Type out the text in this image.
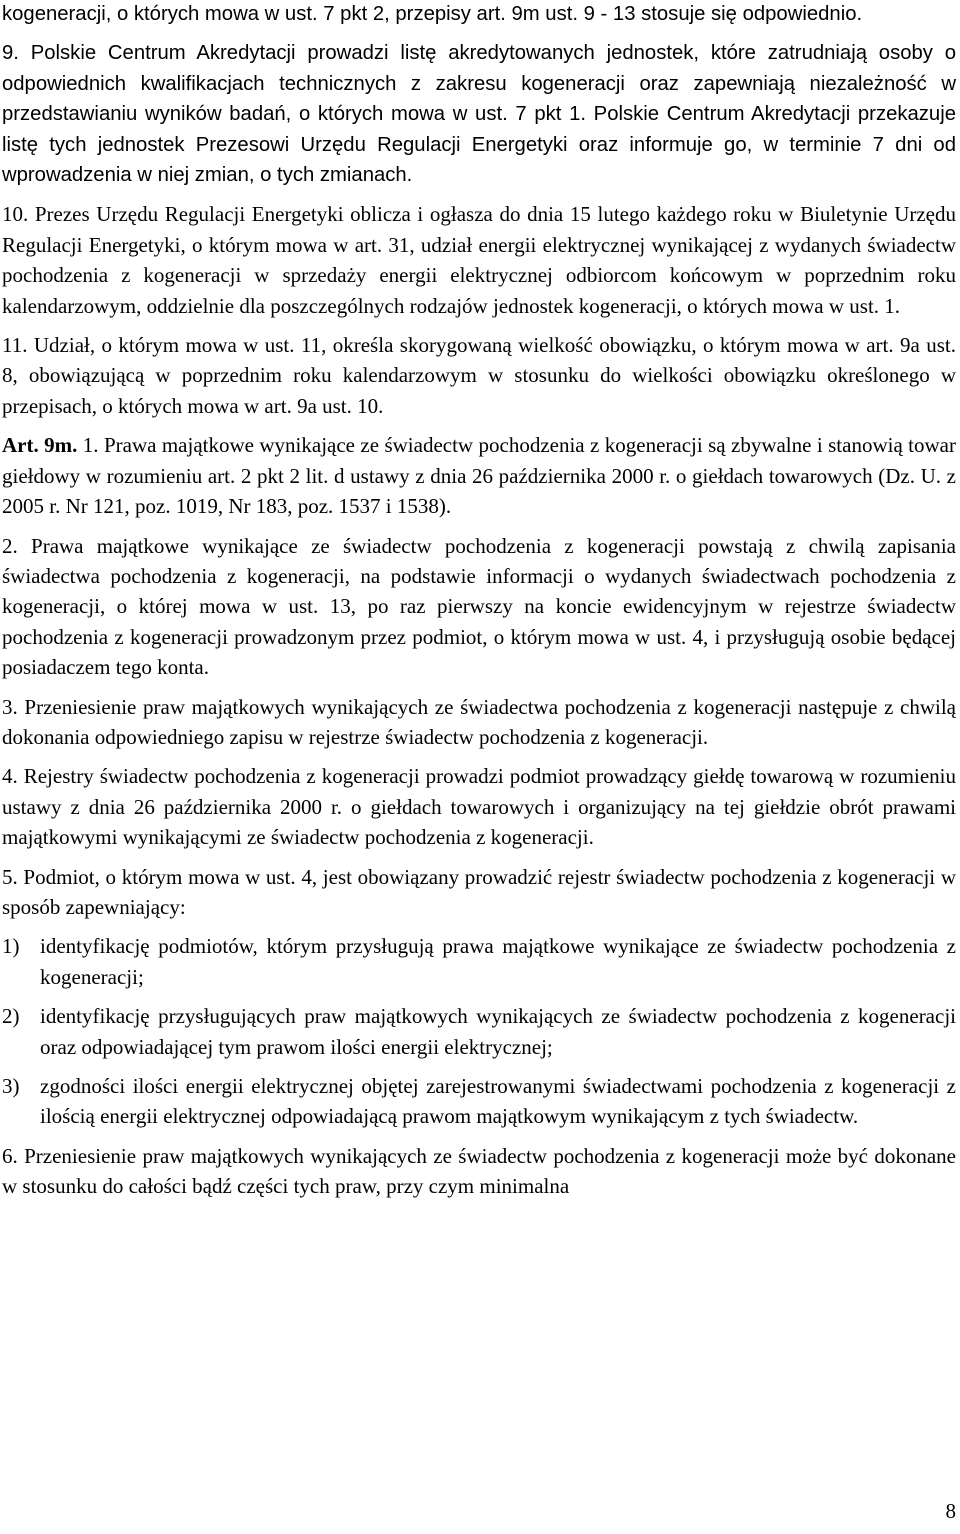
kogeneracji, o których mowa w ust. 7 pkt 2, przepisy art. 9m ust. 9 - 13 stosuje się odpowiednio.

9. Polskie Centrum Akredytacji prowadzi listę akredytowanych jednostek, które zatrudniają osoby o odpowiednich kwalifikacjach technicznych z zakresu kogeneracji oraz zapewniają niezależność w przedstawianiu wyników badań, o których mowa w ust. 7 pkt 1. Polskie Centrum Akredytacji przekazuje listę tych jednostek Prezesowi Urzędu Regulacji Energetyki oraz informuje go, w terminie 7 dni od wprowadzenia w niej zmian, o tych zmianach.

10. Prezes Urzędu Regulacji Energetyki oblicza i ogłasza do dnia 15 lutego każdego roku w Biuletynie Urzędu Regulacji Energetyki, o którym mowa w art. 31, udział energii elektrycznej wynikającej z wydanych świadectw pochodzenia z kogeneracji w sprzedaży energii elektrycznej odbiorcom końcowym w poprzednim roku kalendarzowym, oddzielnie dla poszczególnych rodzajów jednostek kogeneracji, o których mowa w ust. 1.

11. Udział, o którym mowa w ust. 11, określa skorygowaną wielkość obowiązku, o którym mowa w art. 9a ust. 8, obowiązującą w poprzednim roku kalendarzowym w stosunku do wielkości obowiązku określonego w przepisach, o których mowa w art. 9a ust. 10.

Art. 9m. 1. Prawa majątkowe wynikające ze świadectw pochodzenia z kogeneracji są zbywalne i stanowią towar giełdowy w rozumieniu art. 2 pkt 2 lit. d ustawy z dnia 26 października 2000 r. o giełdach towarowych (Dz. U. z 2005 r. Nr 121, poz. 1019, Nr 183, poz. 1537 i 1538).

2. Prawa majątkowe wynikające ze świadectw pochodzenia z kogeneracji powstają z chwilą zapisania świadectwa pochodzenia z kogeneracji, na podstawie informacji o wydanych świadectwach pochodzenia z kogeneracji, o której mowa w ust. 13, po raz pierwszy na koncie ewidencyjnym w rejestrze świadectw pochodzenia z kogeneracji prowadzonym przez podmiot, o którym mowa w ust. 4, i przysługują osobie będącej posiadaczem tego konta.

3. Przeniesienie praw majątkowych wynikających ze świadectwa pochodzenia z kogeneracji następuje z chwilą dokonania odpowiedniego zapisu w rejestrze świadectw pochodzenia z kogeneracji.

4. Rejestry świadectw pochodzenia z kogeneracji prowadzi podmiot prowadzący giełdę towarową w rozumieniu ustawy z dnia 26 października 2000 r. o giełdach towarowych i organizujący na tej giełdzie obrót prawami majątkowymi wynikającymi ze świadectw pochodzenia z kogeneracji.

5. Podmiot, o którym mowa w ust. 4, jest obowiązany prowadzić rejestr świadectw pochodzenia z kogeneracji w sposób zapewniający:

1) identyfikację podmiotów, którym przysługują prawa majątkowe wynikające ze świadectw pochodzenia z kogeneracji;
2) identyfikację przysługujących praw majątkowych wynikających ze świadectw pochodzenia z kogeneracji oraz odpowiadającej tym prawom ilości energii elektrycznej;
3) zgodności ilości energii elektrycznej objętej zarejestrowanymi świadectwami pochodzenia z kogeneracji z ilością energii elektrycznej odpowiadającą prawom majątkowym wynikającym z tych świadectw.

6. Przeniesienie praw majątkowych wynikających ze świadectw pochodzenia z kogeneracji może być dokonane w stosunku do całości bądź części tych praw, przy czym minimalna

8
